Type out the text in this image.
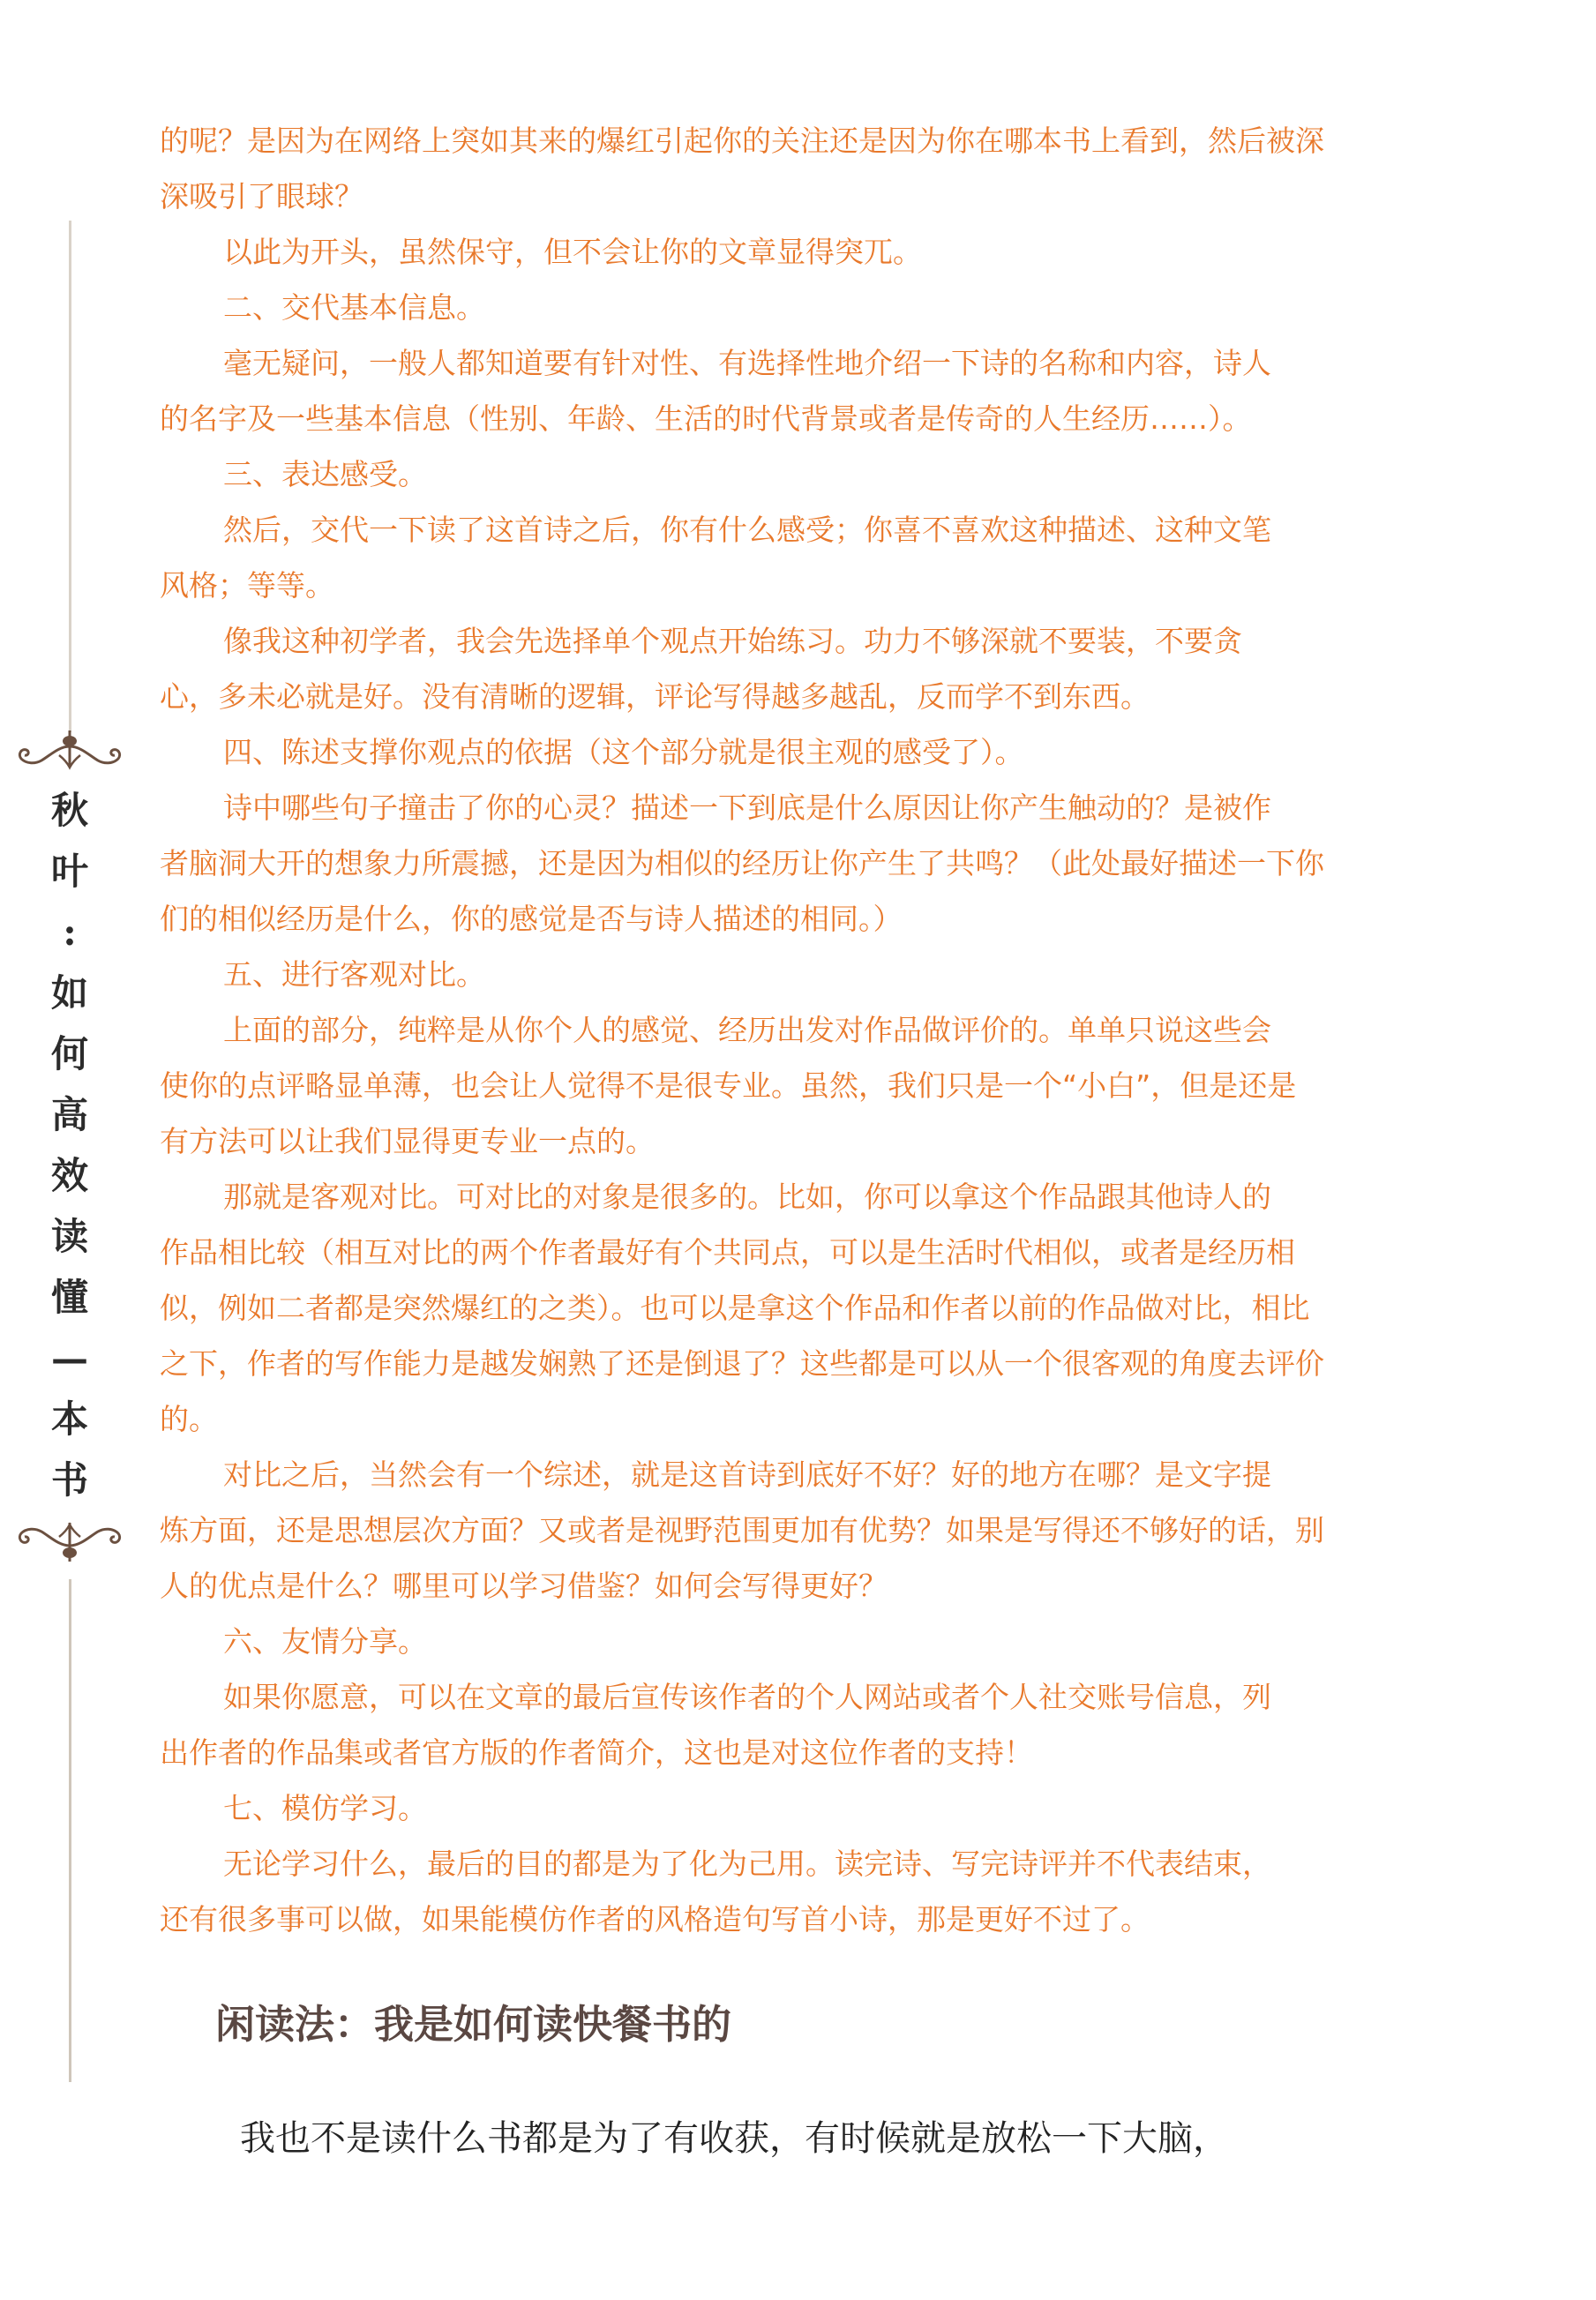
秋
叶
:
如
何
高
效
读
懂
—
本
书

的呢？是因为在网络上突如其来的爆红引起你的关注还是因为你在哪本书上看到，然后被深

深吸引了眼球？

以此为开头，虽然保守，但不会让你的文章显得突兀。

二、交代基本信息。

毫无疑问，一般人都知道要有针对性、有选择性地介绍一下诗的名称和内容，诗人

的名字及一些基本信息（性别、年龄、生活的时代背景或者是传奇的人生经历……）。

三、表达感受。

然后，交代一下读了这首诗之后，你有什么感受；你喜不喜欢这种描述、这种文笔

风格；等等。

像我这种初学者，我会先选择单个观点开始练习。功力不够深就不要装，不要贪

心，多未必就是好。没有清晰的逻辑，评论写得越多越乱，反而学不到东西。

四、陈述支撑你观点的依据（这个部分就是很主观的感受了）。

诗中哪些句子撞击了你的心灵？描述一下到底是什么原因让你产生触动的？是被作

者脑洞大开的想象力所震撼，还是因为相似的经历让你产生了共鸣？（此处最好描述一下你

们的相似经历是什么，你的感觉是否与诗人描述的相同。）

五、进行客观对比。

上面的部分，纯粹是从你个人的感觉、经历出发对作品做评价的。单单只说这些会

使你的点评略显单薄，也会让人觉得不是很专业。虽然，我们只是一个“小白”，但是还是

有方法可以让我们显得更专业一点的。

那就是客观对比。可对比的对象是很多的。比如，你可以拿这个作品跟其他诗人的

作品相比较（相互对比的两个作者最好有个共同点，可以是生活时代相似，或者是经历相

似，例如二者都是突然爆红的之类）。也可以是拿这个作品和作者以前的作品做对比，相比

之下，作者的写作能力是越发娴熟了还是倒退了？这些都是可以从一个很客观的角度去评价

的。

对比之后，当然会有一个综述，就是这首诗到底好不好？好的地方在哪？是文字提

炼方面，还是思想层次方面？又或者是视野范围更加有优势？如果是写得还不够好的话，别

人的优点是什么？哪里可以学习借鉴？如何会写得更好？

六、友情分享。

如果你愿意，可以在文章的最后宣传该作者的个人网站或者个人社交账号信息，列

出作者的作品集或者官方版的作者简介，这也是对这位作者的支持！

七、模仿学习。

无论学习什么，最后的目的都是为了化为己用。读完诗、写完诗评并不代表结束，

还有很多事可以做，如果能模仿作者的风格造句写首小诗，那是更好不过了。

闲读法：我是如何读快餐书的

我也不是读什么书都是为了有收获，有时候就是放松一下大脑，
